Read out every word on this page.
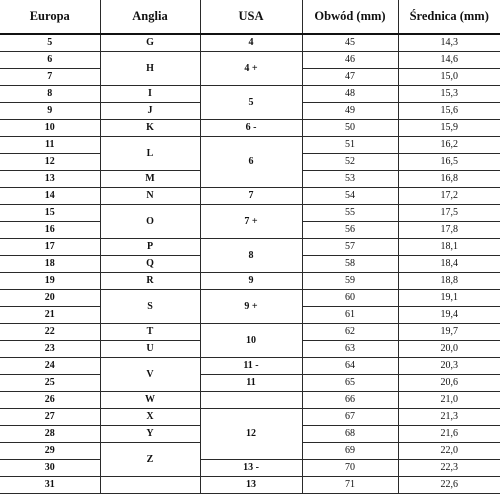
Europa	Anglia	USA	Obwód (mm)	Średnica (mm)
5	G	4	45	14,3
6	H	4 +	46	14,6
7			47	15,0
8	I	5	48	15,3
9	J		49	15,6
10	K	6 -	50	15,9
11	L	6	51	16,2
12			52	16,5
13	M		53	16,8
14	N	7	54	17,2
15	O	7 +	55	17,5
16			56	17,8
17	P	8	57	18,1
18	Q		58	18,4
19	R	9	59	18,8
20	S	9 +	60	19,1
21			61	19,4
22	T	10	62	19,7
23	U		63	20,0
24	V	11 -	64	20,3
25		11	65	20,6
26	W		66	21,0
27	X	12	67	21,3
28	Y		68	21,6
29	Z		69	22,0
30		13 -	70	22,3
31		13	71	22,6
